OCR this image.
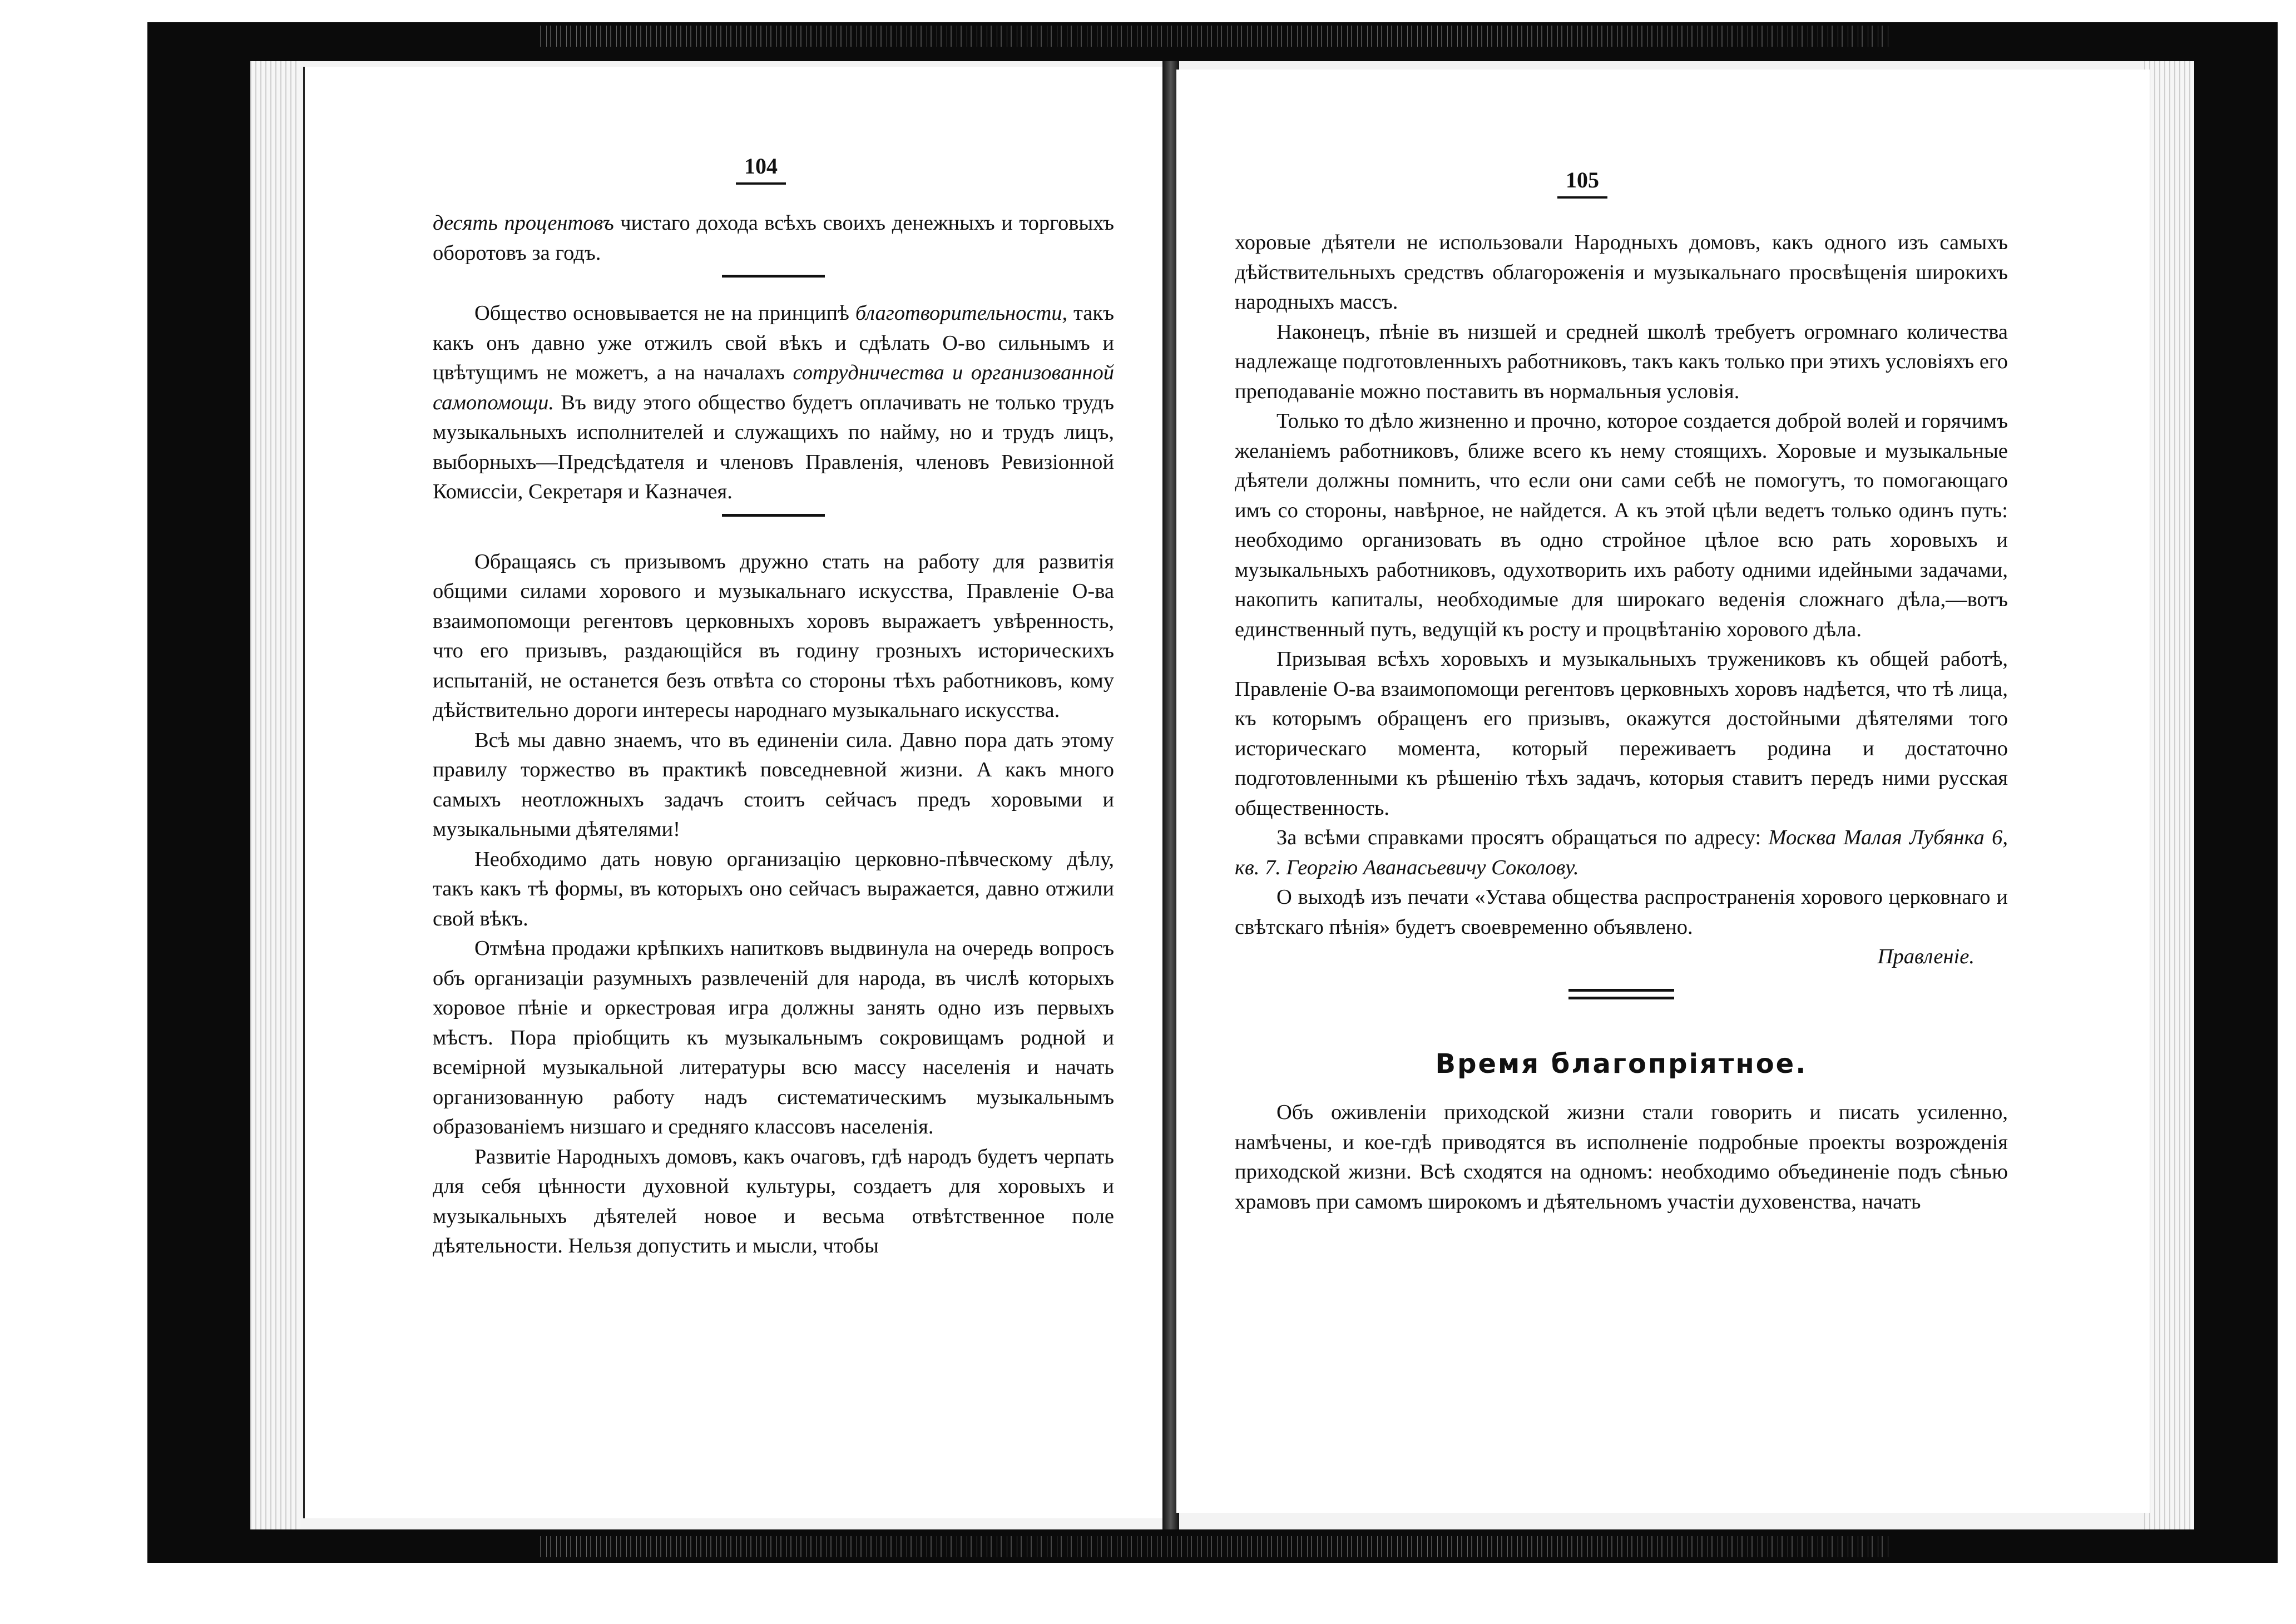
104

десять процентовъ чистаго дохода всѣхъ своихъ денежныхъ и торговыхъ оборотовъ за годъ.

Общество основывается не на принципѣ благотворительности, такъ какъ онъ давно уже отжилъ свой вѣкъ и сдѣлать О-во сильнымъ и цвѣтущимъ не можетъ, а на началахъ сотрудничества и организованной самопомощи. Въ виду этого общество будетъ оплачивать не только трудъ музыкальныхъ исполнителей и служащихъ по найму, но и трудъ лицъ, выборныхъ—Предсѣдателя и членовъ Правленія, членовъ Ревизіонной Комиссіи, Секретаря и Казначея.

Обращаясь съ призывомъ дружно стать на работу для развитія общими силами хорового и музыкальнаго искусства, Правленіе О-ва взаимопомощи регентовъ церковныхъ хоровъ выражаетъ увѣренность, что его призывъ, раздающійся въ годину грозныхъ историческихъ испытаній, не останется безъ отвѣта со стороны тѣхъ работниковъ, кому дѣйствительно дороги интересы народнаго музыкальнаго искусства.

Всѣ мы давно знаемъ, что въ единеніи сила. Давно пора дать этому правилу торжество въ практикѣ повседневной жизни. А какъ много самыхъ неотложныхъ задачъ стоитъ сейчасъ предъ хоровыми и музыкальными дѣятелями!

Необходимо дать новую организацію церковно-пѣвческому дѣлу, такъ какъ тѣ формы, въ которыхъ оно сейчасъ выражается, давно отжили свой вѣкъ.

Отмѣна продажи крѣпкихъ напитковъ выдвинула на очередь вопросъ объ организаціи разумныхъ развлеченій для народа, въ числѣ которыхъ хоровое пѣніе и оркестровая игра должны занять одно изъ первыхъ мѣстъ. Пора пріобщить къ музыкальнымъ сокровищамъ родной и всемірной музыкальной литературы всю массу населенія и начать организованную работу надъ систематическимъ музыкальнымъ образованіемъ низшаго и средняго классовъ населенія.

Развитіе Народныхъ домовъ, какъ очаговъ, гдѣ народъ будетъ черпать для себя цѣнности духовной культуры, создаетъ для хоровыхъ и музыкальныхъ дѣятелей новое и весьма отвѣтственное поле дѣятельности. Нельзя допустить и мысли, чтобы

105

хоровые дѣятели не использовали Народныхъ домовъ, какъ одного изъ самыхъ дѣйствительныхъ средствъ облагороженія и музыкальнаго просвѣщенія широкихъ народныхъ массъ.

Наконецъ, пѣніе въ низшей и средней школѣ требуетъ огромнаго количества надлежаще подготовленныхъ работниковъ, такъ какъ только при этихъ условіяхъ его преподаваніе можно поставить въ нормальныя условія.

Только то дѣло жизненно и прочно, которое создается доброй волей и горячимъ желаніемъ работниковъ, ближе всего къ нему стоящихъ. Хоровые и музыкальные дѣятели должны помнить, что если они сами себѣ не помогутъ, то помогающаго имъ со стороны, навѣрное, не найдется. А къ этой цѣли ведетъ только одинъ путь: необходимо организовать въ одно стройное цѣлое всю рать хоровыхъ и музыкальныхъ работниковъ, одухотворить ихъ работу одними идейными задачами, накопить капиталы, необходимые для широкаго веденія сложнаго дѣла,—вотъ единственный путь, ведущій къ росту и процвѣтанію хорового дѣла.

Призывая всѣхъ хоровыхъ и музыкальныхъ тружениковъ къ общей работѣ, Правленіе О-ва взаимопомощи регентовъ церковныхъ хоровъ надѣется, что тѣ лица, къ которымъ обращенъ его призывъ, окажутся достойными дѣятелями того историческаго момента, который переживаетъ родина и достаточно подготовленными къ рѣшенію тѣхъ задачъ, которыя ставитъ передъ ними русская общественность.

За всѣми справками просятъ обращаться по адресу: Москва Малая Лубянка 6, кв. 7. Георгію Аванасьевичу Соколову.

О выходѣ изъ печати «Устава общества распространенія хорового церковнаго и свѣтскаго пѣнія» будетъ своевременно объявлено.

Правленіе.
Время благопріятное.

Объ оживленіи приходской жизни стали говорить и писать усиленно, намѣчены, и кое-гдѣ приводятся въ исполненіе подробные проекты возрожденія приходской жизни. Всѣ сходятся на одномъ: необходимо объединеніе подъ сѣнью храмовъ при самомъ широкомъ и дѣятельномъ участіи духовенства, начать
